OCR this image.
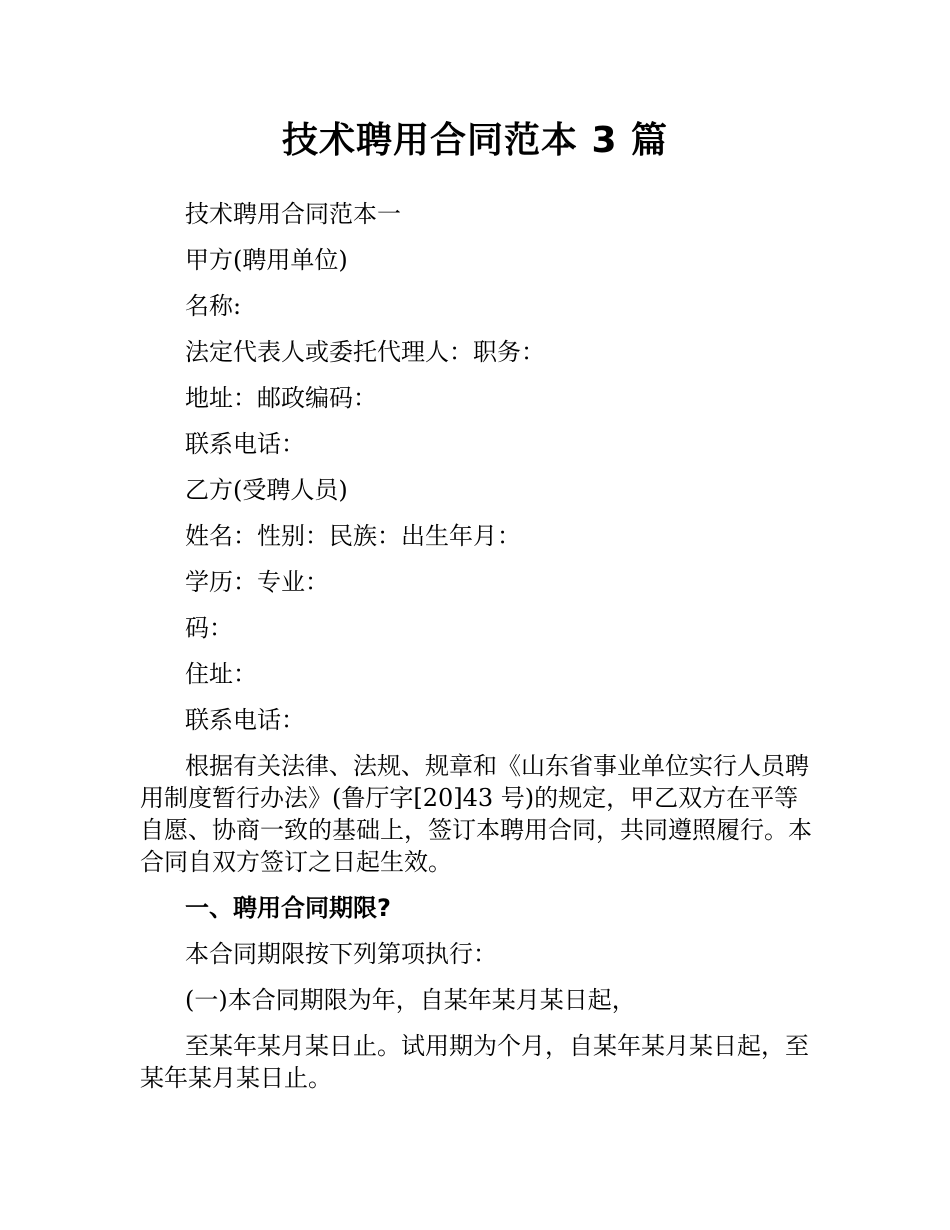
技术聘用合同范本 3 篇

技术聘用合同范本一

甲方(聘用单位)

名称:

法定代表人或委托代理人：职务：

地址：邮政编码：

联系电话：

乙方(受聘人员)

姓名：性别：民族：出生年月：

学历：专业：

码：

住址：

联系电话：

根据有关法律、法规、规章和《山东省事业单位实行人员聘用制度暂行办法》(鲁厅字[20]43 号)的规定，甲乙双方在平等自愿、协商一致的基础上，签订本聘用合同，共同遵照履行。本合同自双方签订之日起生效。

一、聘用合同期限?

本合同期限按下列第项执行：

(一)本合同期限为年，自某年某月某日起，

至某年某月某日止。试用期为个月，自某年某月某日起，至某年某月某日止。
